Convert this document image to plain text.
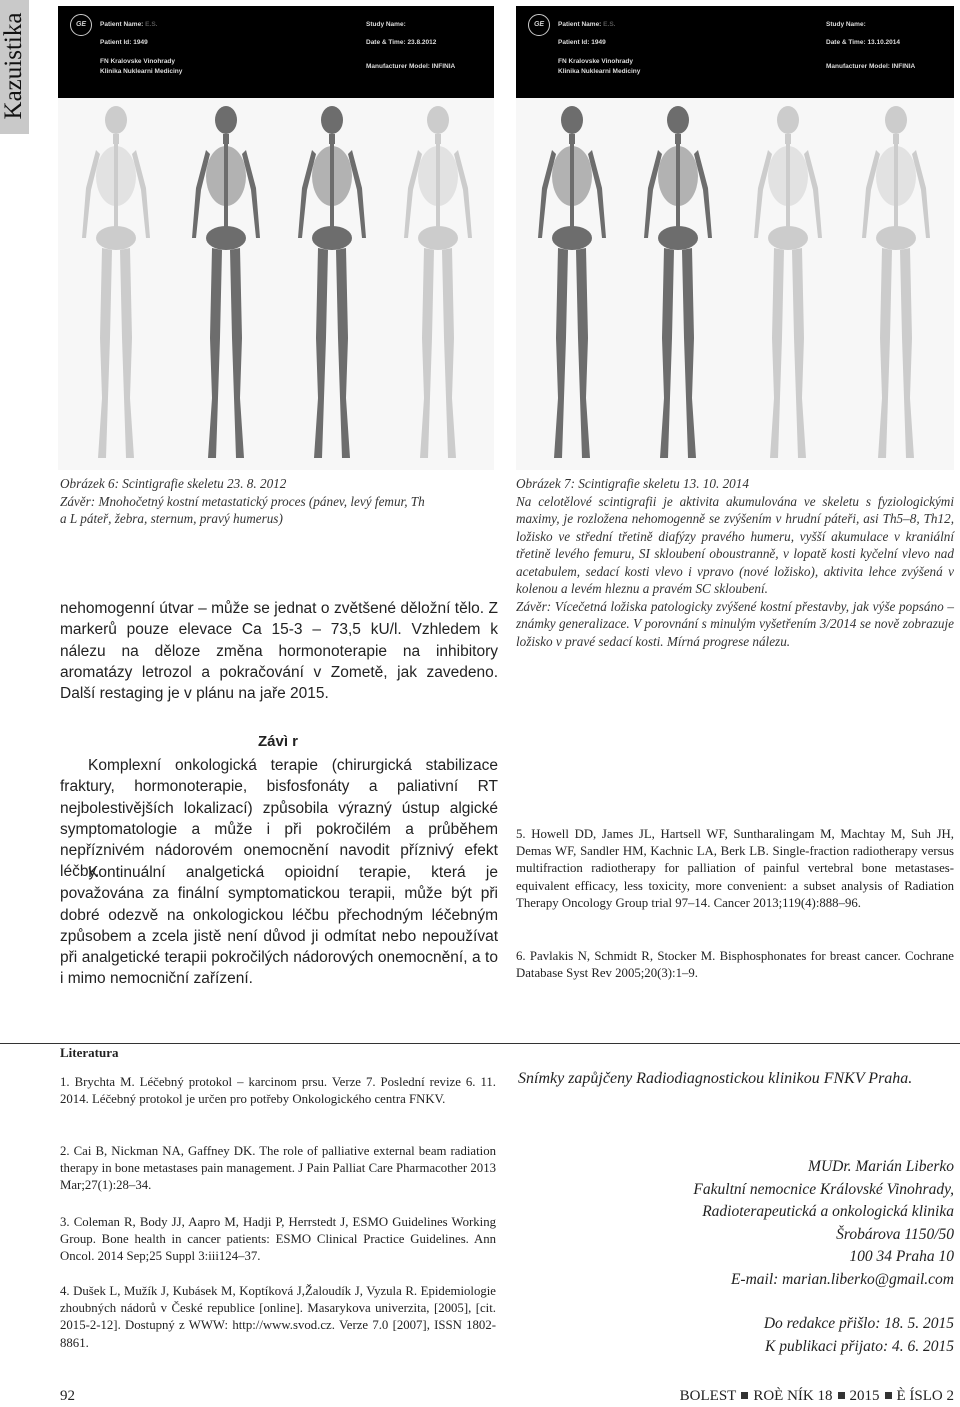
Kazuistika	GE	Patient Name: E.S.
Patient Id: 1949
FN Kralovske Vinohrady
Klinika Nuklearni Mediciny
Study Name:
Date & Time: 23.8.2012
Manufacturer Model: INFINIA
GE	Patient Name: E.S.
Patient Id: 1949
FN Kralovske Vinohrady
Klinika Nuklearni Mediciny
Study Name:
Date & Time: 13.10.2014
Manufacturer Model: INFINIA
Obrázek 6: Scintigrafie skeletu 23. 8. 2012
Závěr: Mnohočetný kostní metastatický proces (pánev, levý femur, Th
a L páteř, žebra, sternum, pravý humerus)
Obrázek 7: Scintigrafie skeletu 13. 10. 2014
Na celotělové scintigrafii je aktivita akumulována ve skeletu s fyziologickými maximy, je rozložena nehomogenně se zvýšením v hrudní páteři, asi Th5–8, Th12, ložisko ve střední třetině diafýzy pravého humeru, vyšší akumulace v kraniální třetině levého femuru, SI skloubení oboustranně, v lopatě kosti kyčelní vlevo nad acetabulem, sedací kosti vlevo i vpravo (nové ložisko), aktivita lehce zvýšená v kolenou a levém hleznu a pravém SC skloubení.
Závěr: Vícečetná ložiska patologicky zvýšené kostní přestavby, jak výše popsáno – známky generalizace. V porovnání s minulým vyšetřením 3/2014 se nově zobrazuje ložisko v pravé sedací kosti. Mírná progrese nálezu.
nehomogenní útvar – může se jednat o zvětšené děložní tělo. Z markerů pouze elevace Ca 15-3 – 73,5 kU/l. Vzhledem k nálezu na děloze změna hormonoterapie na inhibitory aromatázy letrozol a pokračování v Zometě, jak zavedeno. Další restaging je v plánu na jaře 2015.
Závì r
Komplexní onkologická terapie (chirurgická stabilizace fraktury, hormonoterapie, bisfosfonáty a paliativní RT nejbolestivějších lokalizací) způsobila výrazný ústup algické symptomatologie a může i při pokročilém a průběhem nepříznivém nádorovém onemocnění navodit příznivý efekt léčby.
Kontinuální analgetická opioidní terapie, která je považována za finální symptomatickou terapii, může být při dobré odezvě na onkologickou léčbu přechodným léčebným způsobem a zcela jistě není důvod ji odmítat nebo nepoužívat při analgetické terapii pokročilých nádorových onemocnění, a to i mimo nemocniční zařízení.
5. Howell DD, James JL, Hartsell WF, Suntharalingam M, Machtay M, Suh JH, Demas WF, Sandler HM, Kachnic LA, Berk LB. Single-fraction radiotherapy versus multifraction radiotherapy for palliation of painful vertebral bone metastases-equivalent efficacy, less toxicity, more convenient: a subset analysis of Radiation Therapy Oncology Group trial 97–14. Cancer 2013;119(4):888–96.
6. Pavlakis N, Schmidt R, Stocker M. Bisphosphonates for breast cancer. Cochrane Database Syst Rev 2005;20(3):1–9.
Literatura
1. Brychta M. Léčebný protokol – karcinom prsu. Verze 7. Poslední revize 6. 11. 2014. Léčebný protokol je určen pro potřeby Onkologického centra FNKV.
2. Cai B, Nickman NA, Gaffney DK. The role of palliative external beam radiation therapy in bone metastases pain management. J Pain Palliat Care Pharmacother 2013 Mar;27(1):28–34.
3. Coleman R, Body JJ, Aapro M, Hadji P, Herrstedt J, ESMO Guidelines Working Group. Bone health in cancer patients: ESMO Clinical Practice Guidelines. Ann Oncol. 2014 Sep;25 Suppl 3:iii124–37.
4. Dušek L, Mužík J, Kubásek M, Koptíková J,Žaloudík J, Vyzula R. Epidemiologie zhoubných nádorů v České republice [online]. Masarykova univerzita, [2005], [cit. 2015-2-12]. Dostupný z WWW: http://www.svod.cz. Verze 7.0 [2007], ISSN 1802-8861.
Snímky zapůjčeny Radiodiagnostickou klinikou FNKV Praha.
MUDr. Marián Liberko
Fakultní nemocnice Královské Vinohrady,
Radioterapeutická a onkologická klinika
Šrobárova 1150/50
100 34 Praha 10
E-mail: marian.liberko@gmail.com
Do redakce přišlo: 18. 5. 2015
K publikaci přijato: 4. 6. 2015
92	BOLEST ROÈ NÍK 18 2015 È ÍSLO 2
